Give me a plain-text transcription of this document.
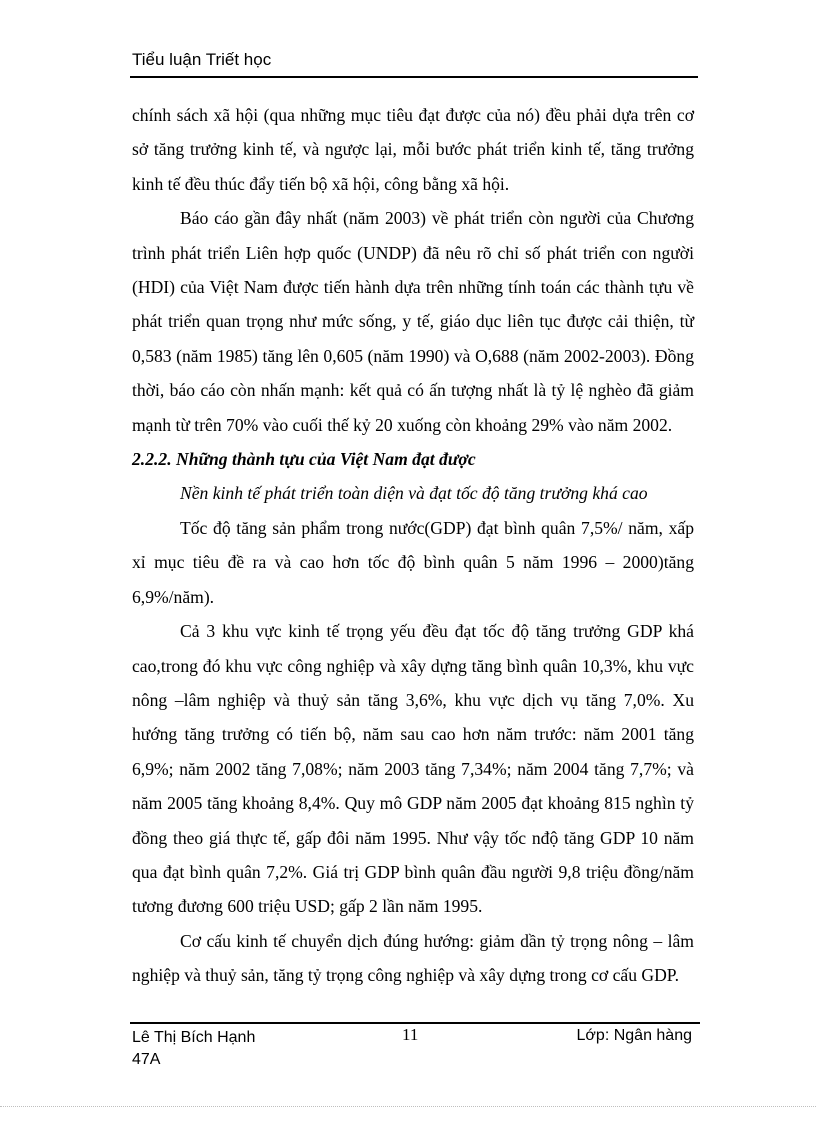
Tiểu luận Triết học

chính sách xã hội (qua những mục tiêu đạt được của nó) đều phải dựa trên cơ sở tăng trưởng kinh tế, và ngược lại, mỗi bước phát triển kinh tế, tăng trưởng kinh tế đều thúc đẩy tiến bộ xã hội, công bằng xã hội.

Báo cáo gần đây nhất (năm 2003) về phát triển còn người của Chương trình phát triển Liên hợp quốc (UNDP) đã nêu rõ chỉ số phát triển con người (HDI) của Việt Nam được tiến hành dựa trên những tính toán các thành tựu về phát triển quan trọng như mức sống, y tế, giáo dục liên tục được cải thiện, từ 0,583 (năm 1985) tăng lên 0,605 (năm 1990) và O,688 (năm 2002-2003). Đồng thời, báo cáo còn nhấn mạnh: kết quả có ấn tượng nhất là tỷ lệ nghèo đã giảm mạnh từ trên 70% vào cuối thế kỷ 20 xuống còn khoảng 29% vào năm 2002.

2.2.2. Những thành tựu của Việt Nam đạt được

Nền kinh tế phát triển toàn diện và đạt tốc độ tăng trưởng khá cao

Tốc độ tăng sản phẩm trong nước(GDP) đạt bình quân 7,5%/ năm, xấp xỉ mục tiêu đề ra và cao hơn tốc độ bình quân 5 năm 1996 – 2000)tăng 6,9%/năm).

Cả 3 khu vực kinh tế trọng yếu đều đạt tốc độ tăng trưởng GDP khá cao,trong đó khu vực công nghiệp và xây dựng tăng bình quân 10,3%, khu vực nông –lâm nghiệp và thuỷ sản tăng 3,6%, khu vực dịch vụ tăng 7,0%. Xu hướng tăng trưởng có tiến bộ, năm sau cao hơn năm trước: năm 2001 tăng 6,9%; năm 2002 tăng 7,08%; năm 2003 tăng 7,34%; năm 2004 tăng 7,7%; và năm 2005 tăng khoảng 8,4%. Quy mô GDP năm 2005 đạt khoảng 815 nghìn tỷ đồng theo giá thực tế, gấp đôi năm 1995. Như vậy tốc nđộ tăng GDP 10 năm qua đạt bình quân 7,2%. Giá trị GDP bình quân đầu người 9,8 triệu đồng/năm tương đương 600 triệu USD; gấp 2 lần năm 1995.

Cơ cấu kinh tế chuyển dịch đúng hướng: giảm dần tỷ trọng nông – lâm nghiệp và thuỷ sản, tăng tỷ trọng công nghiệp và xây dựng trong cơ cấu GDP.

Lê Thị Bích Hạnh
47A
11	Lớp: Ngân hàng
